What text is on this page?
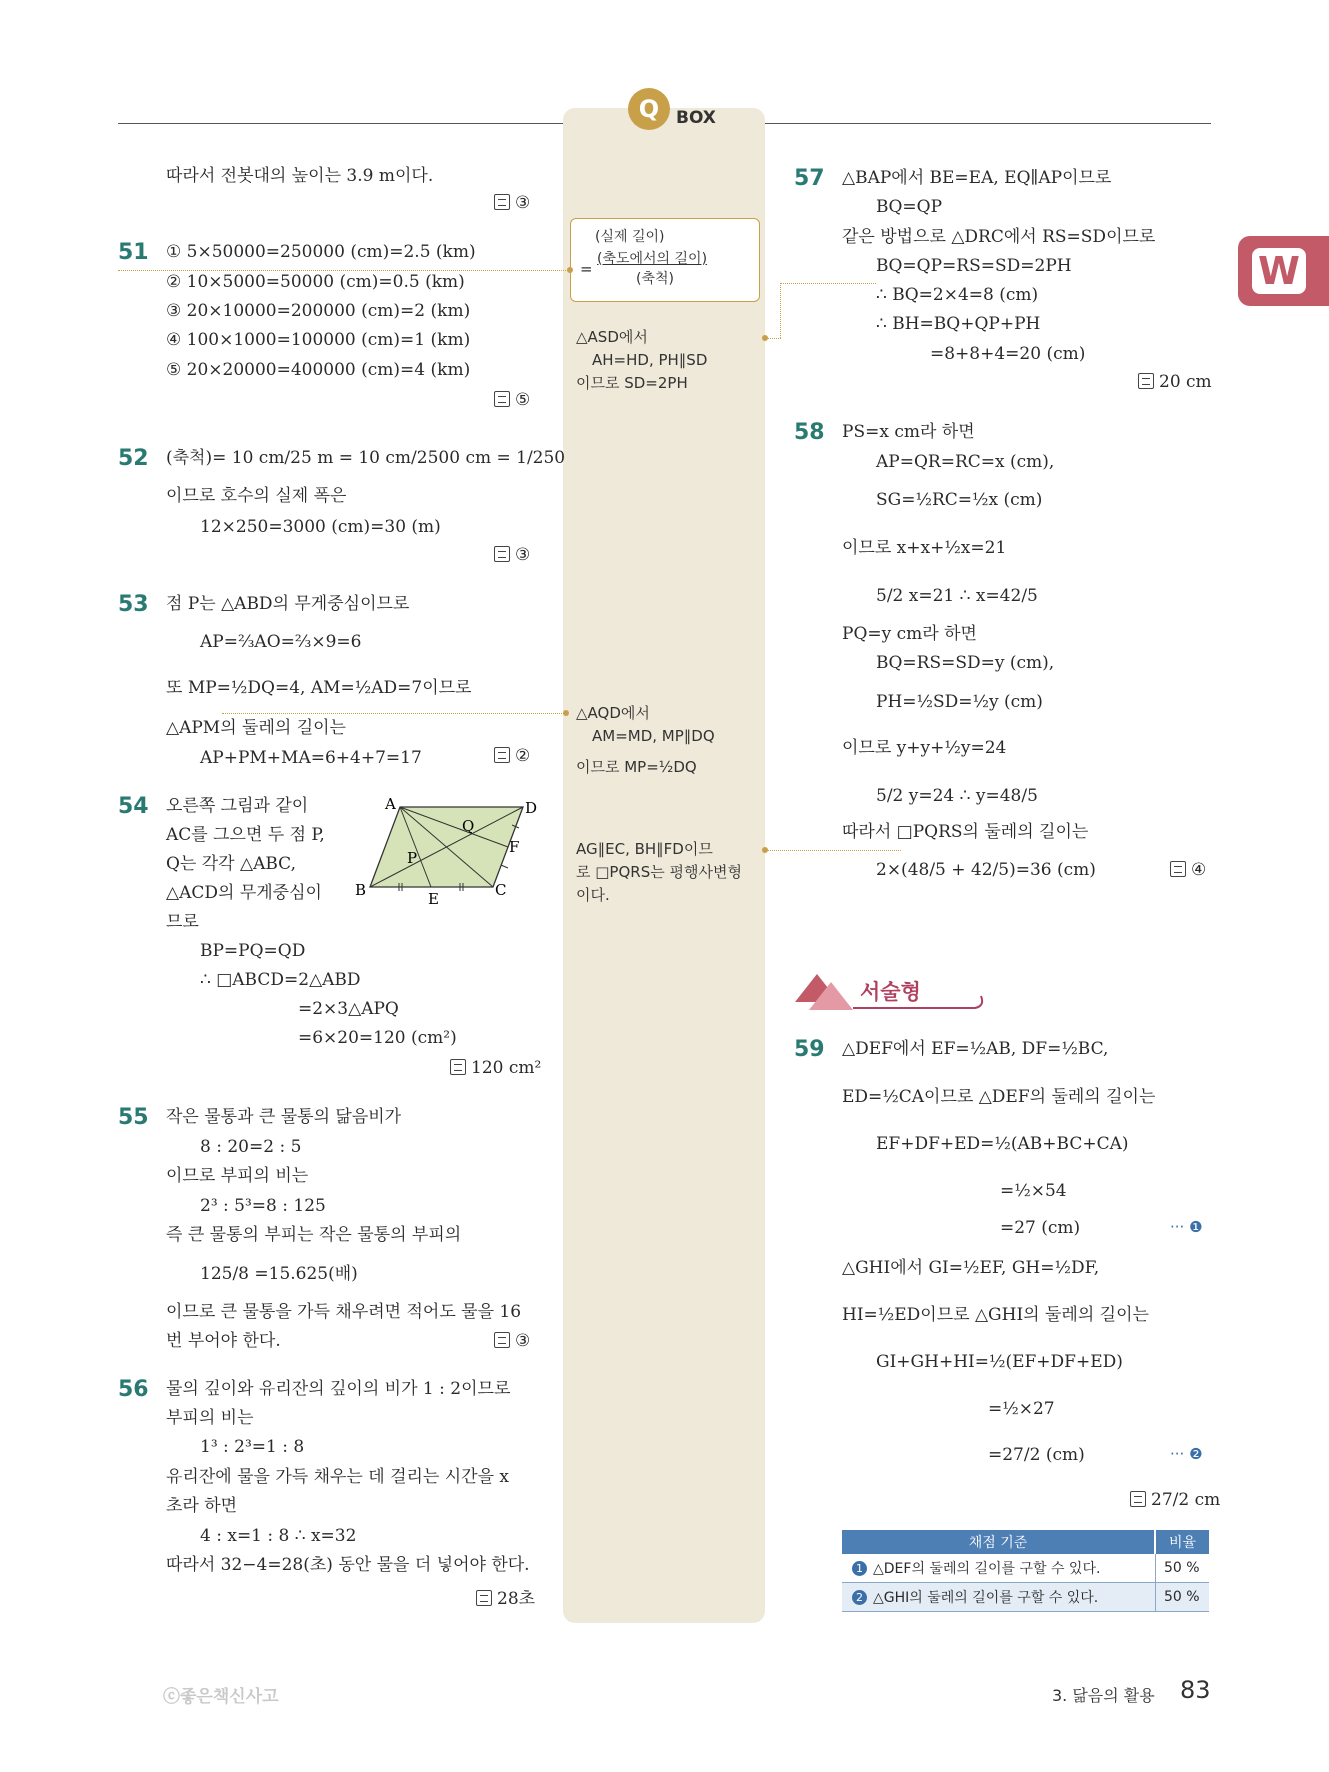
Q BOX
W
(실제 길이)
=
(축도에서의 길이)
(축척)
△ASD에서
AH=HD, PH∥SD
이므로 SD=2PH
△AQD에서
AM=MD, MP∥DQ
이므로 MP=½DQ
AG∥EC, BH∥FD이므
로 □PQRS는 평행사변형
이다.
따라서 전봇대의 높이는 3.9 m이다.
③
51 ① 5×50000=250000 (cm)=2.5 (km)
② 10×5000=50000 (cm)=0.5 (km)
③ 20×10000=200000 (cm)=2 (km)
④ 100×1000=100000 (cm)=1 (km)
⑤ 20×20000=400000 (cm)=4 (km)
⑤
52 (축척)= 10 cm/25 m = 10 cm/2500 cm = 1/250
이므로 호수의 실제 폭은
12×250=3000 (cm)=30 (m)
③
53 점 P는 △ABD의 무게중심이므로
AP=⅔AO=⅔×9=6
또 MP=½DQ=4, AM=½AD=7이므로
△APM의 둘레의 길이는
AP+PM+MA=6+4+7=17	②
54 오른쪽 그림과 같이
AC를 그으면 두 점 P,
Q는 각각 △ABC,
△ACD의 무게중심이
므로
BP=PQ=QD
∴ □ABCD=2△ABD
=2×3△APQ
=6×20=120 (cm²)
120 cm²
A	D
B	C
E
F
P
Q
55 작은 물통과 큰 물통의 닮음비가
8 : 20=2 : 5
이므로 부피의 비는
2³ : 5³=8 : 125
즉 큰 물통의 부피는 작은 물통의 부피의
125/8 =15.625(배)
이므로 큰 물통을 가득 채우려면 적어도 물을 16
번 부어야 한다.	③
56 물의 깊이와 유리잔의 깊이의 비가 1 : 2이므로
부피의 비는
1³ : 2³=1 : 8
유리잔에 물을 가득 채우는 데 걸리는 시간을 x
초라 하면
4 : x=1 : 8 ∴ x=32
따라서 32−4=28(초) 동안 물을 더 넣어야 한다.
28초
57 △BAP에서 BE=EA, EQ∥AP이므로
BQ=QP
같은 방법으로 △DRC에서 RS=SD이므로
BQ=QP=RS=SD=2PH
∴ BQ=2×4=8 (cm)
∴ BH=BQ+QP+PH
=8+8+4=20 (cm)
20 cm
58 PS=x cm라 하면
AP=QR=RC=x (cm),
SG=½RC=½x (cm)
이므로 x+x+½x=21
5/2 x=21 ∴ x=42/5
PQ=y cm라 하면
BQ=RS=SD=y (cm),
PH=½SD=½y (cm)
이므로 y+y+½y=24
5/2 y=24 ∴ y=48/5
따라서 □PQRS의 둘레의 길이는
2×(48/5 + 42/5)=36 (cm)	④
서술형
59 △DEF에서 EF=½AB, DF=½BC,
ED=½CA이므로 △DEF의 둘레의 길이는
EF+DF+ED=½(AB+BC+CA)
=½×54
=27 (cm)	··· ❶
△GHI에서 GI=½EF, GH=½DF,
HI=½ED이므로 △GHI의 둘레의 길이는
GI+GH+HI=½(EF+DF+ED)
=½×27
=27/2 (cm)	··· ❷
27/2 cm
채점 기준	비율
1 △DEF의 둘레의 길이를 구할 수 있다.	50 %
2 △GHI의 둘레의 길이를 구할 수 있다.	50 %
ⓒ좋은책신사고	3. 닮음의 활용 83
